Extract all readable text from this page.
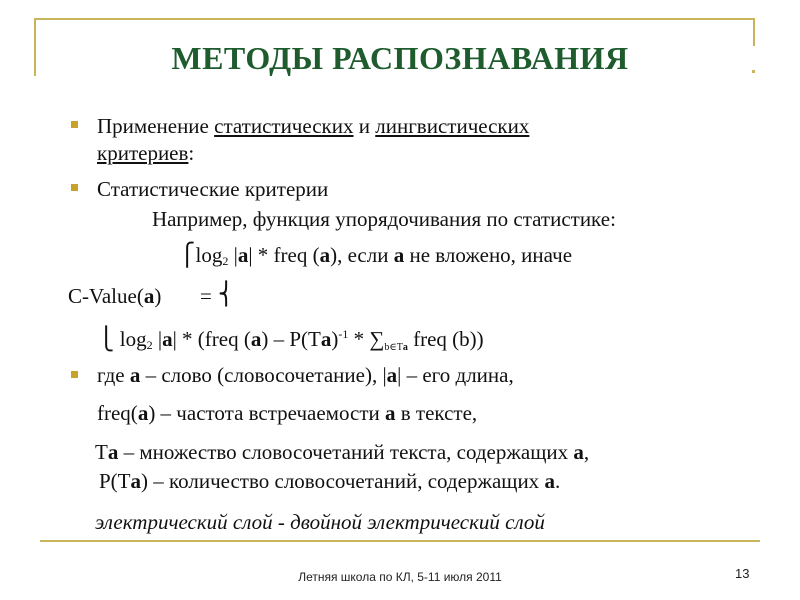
МЕТОДЫ РАСПОЗНАВАНИЯ
Применение статистических и лингвистических
критериев:
Статистические критерии
Например, функция упорядочивания по статистике:
$⎧\log_2$ |a| * freq (a), если a не вложено, иначе
C-Value(a) = ⎨
⎩ $\log_2 |a|$ * (freq $(a) - P(Ta)^{-1}$ * ∑b∈Ta freq (b))
где a – слово (словосочетание), |a| – его длина,
freq(a) – частота встречаемости a в тексте,
Ta – множество словосочетаний текста, содержащих a,
P(Ta) – количество словосочетаний, содержащих a.
электрический слой - двойной электрический слой
Летняя школа по КЛ, 5-11 июля 2011	13
